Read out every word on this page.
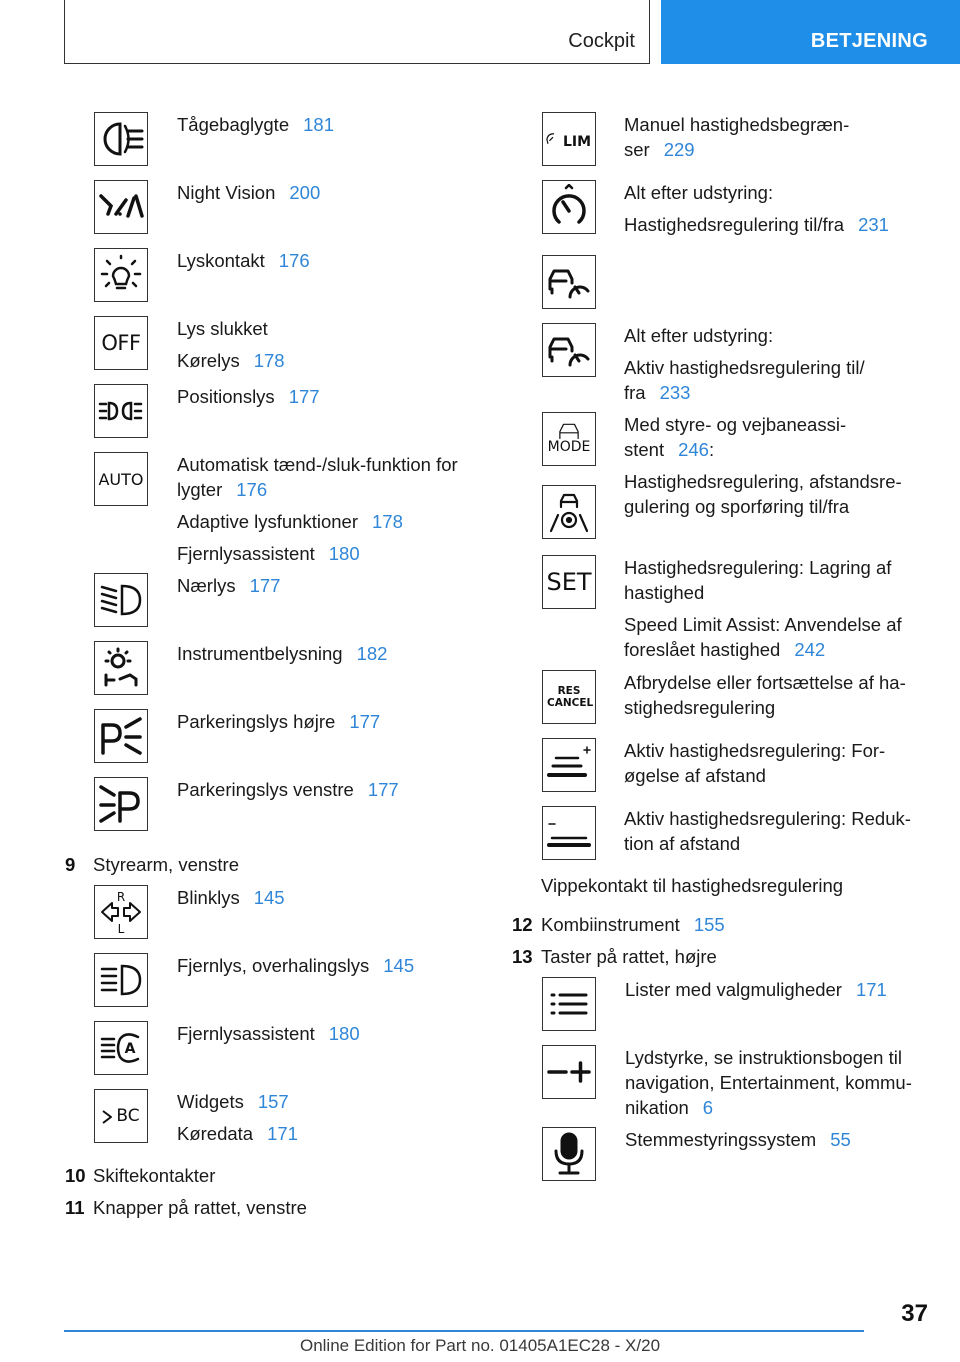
Cockpit	BETJENING
Tågebaglygte 181
Night Vision 200
Lyskontakt 176
OFF
Lys slukket
Kørelys 178
Positionslys 177
AUTO
Automatisk tænd-/sluk-funktion for
lygter 176
Adaptive lysfunktioner 178
Fjernlysassistent 180
Nærlys 177
Instrumentbelysning 182
Parkeringslys højre 177
Parkeringslys venstre 177
9 Styrearm, venstre
R
L
Blinklys 145
Fjernlys, overhalingslys 145
A
Fjernlysassistent 180
BC
Widgets 157
Køredata 171
10 Skiftekontakter
11 Knapper på rattet, venstre
LIM
Manuel hastighedsbegræn-
ser 229
Alt efter udstyring:
Hastighedsregulering til/fra 231
Alt efter udstyring:
Aktiv hastighedsregulering til/
fra 233
MODE
Med styre- og vejbaneassi-
stent 246:
Hastighedsregulering, afstandsre-
gulering og sporføring til/fra
SET
Hastighedsregulering: Lagring af
hastighed
Speed Limit Assist: Anvendelse af
foreslået hastighed 242
RES CANCEL
Afbrydelse eller fortsættelse af ha-
stighedsregulering
Aktiv hastighedsregulering: For-
øgelse af afstand
Aktiv hastighedsregulering: Reduk-
tion af afstand
Vippekontakt til hastighedsregulering
12 Kombiinstrument 155
13 Taster på rattet, højre
Lister med valgmuligheder 171
Lydstyrke, se instruktionsbogen til
navigation, Entertainment, kommu-
nikation 6
Stemmestyringssystem 55
37
Online Edition for Part no. 01405A1EC28 - X/20
